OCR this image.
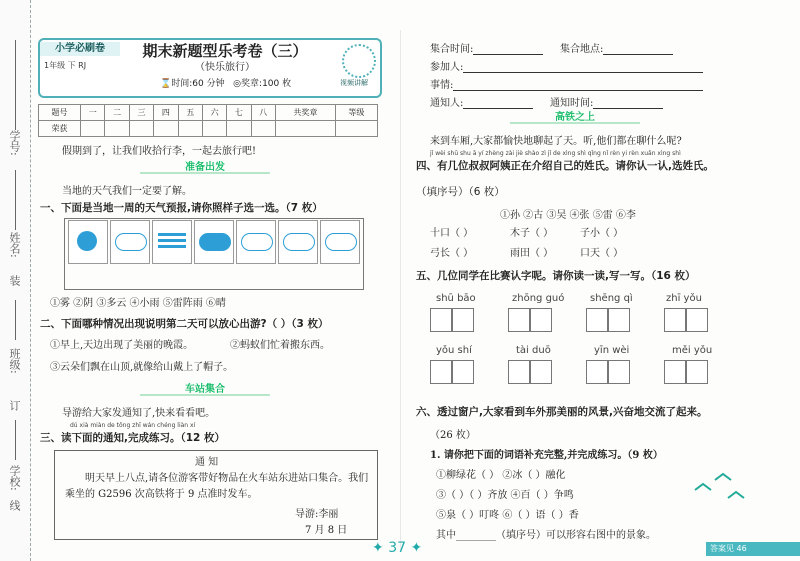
学号:
姓名:
装
班级:
订
学校:
线
小学必刷卷
1年级 下 RJ
期末新题型乐考卷（三）
（快乐旅行）
⌛时间:60 分钟 ◎奖章:100 枚	视频讲解
题号	一	二	三	四	五	六	七	八	共奖章	等级
荣获										
假期到了，让我们收拾行李，一起去旅行吧!
准备出发
当地的天气我们一定要了解。
一、下面是当地一周的天气预报,请你照样子选一选。（7 枚）
①雾 ②阴 ③多云 ④小雨 ⑤雷阵雨 ⑥晴
二、下面哪种情况出现说明第二天可以放心出游?（ ）（3 枚）
①早上,天边出现了美丽的晚霞。	②蚂蚁们忙着搬东西。
③云朵们飘在山顶,就像给山戴上了帽子。
车站集合
导游给大家发通知了,快来看看吧。
dú xià miàn de tōng zhī wán chéng liàn xí
三、读下面的通知,完成练习。（12 枚）
通 知
明天早上八点,请各位游客带好物品在火车站东进站口集合。我们
乘坐的 G2596 次高铁将于 9 点准时发车。
导游:李丽
7 月 8 日
集合时间:	集合地点:
参加人:
事情:
通知人:	通知时间:
高铁之上
来到车厢,大家都愉快地聊起了天。听,他们都在聊什么呢?
jǐ wèi shū shu ā yí zhèng zài jiè shào zì jǐ de xìng shì qǐng nǐ rèn yi rèn xuǎn xìng shì
四、有几位叔叔阿姨正在介绍自己的姓氏。请你认一认,选姓氏。
（填序号）（6 枚）
①孙 ②古 ③吴 ④张 ⑤雷 ⑥李
十口（ ）	木子（ ）	子小（ ）
弓长（ ）	雨田（ ）	口天（ ）
五、几位同学在比赛认字呢。请你读一读,写一写。（16 枚）
shū bāo	zhōng guó	shēng qì	zhī yǒu
yǒu shí	tài duō	yīn wèi	měi yǒu
六、透过窗户,大家看到车外那美丽的风景,兴奋地交流了起来。
（26 枚）
1. 请你把下面的词语补充完整,并完成练习。（9 枚）
①柳绿花（ ） ②冰（ ）融化
③（ ）（ ）齐放 ④百（ ）争鸣
⑤泉（ ）叮咚 ⑥（ ）语（ ）香
其中________（填序号）可以形容右图中的景象。
✦ 37 ✦	答案见 46
